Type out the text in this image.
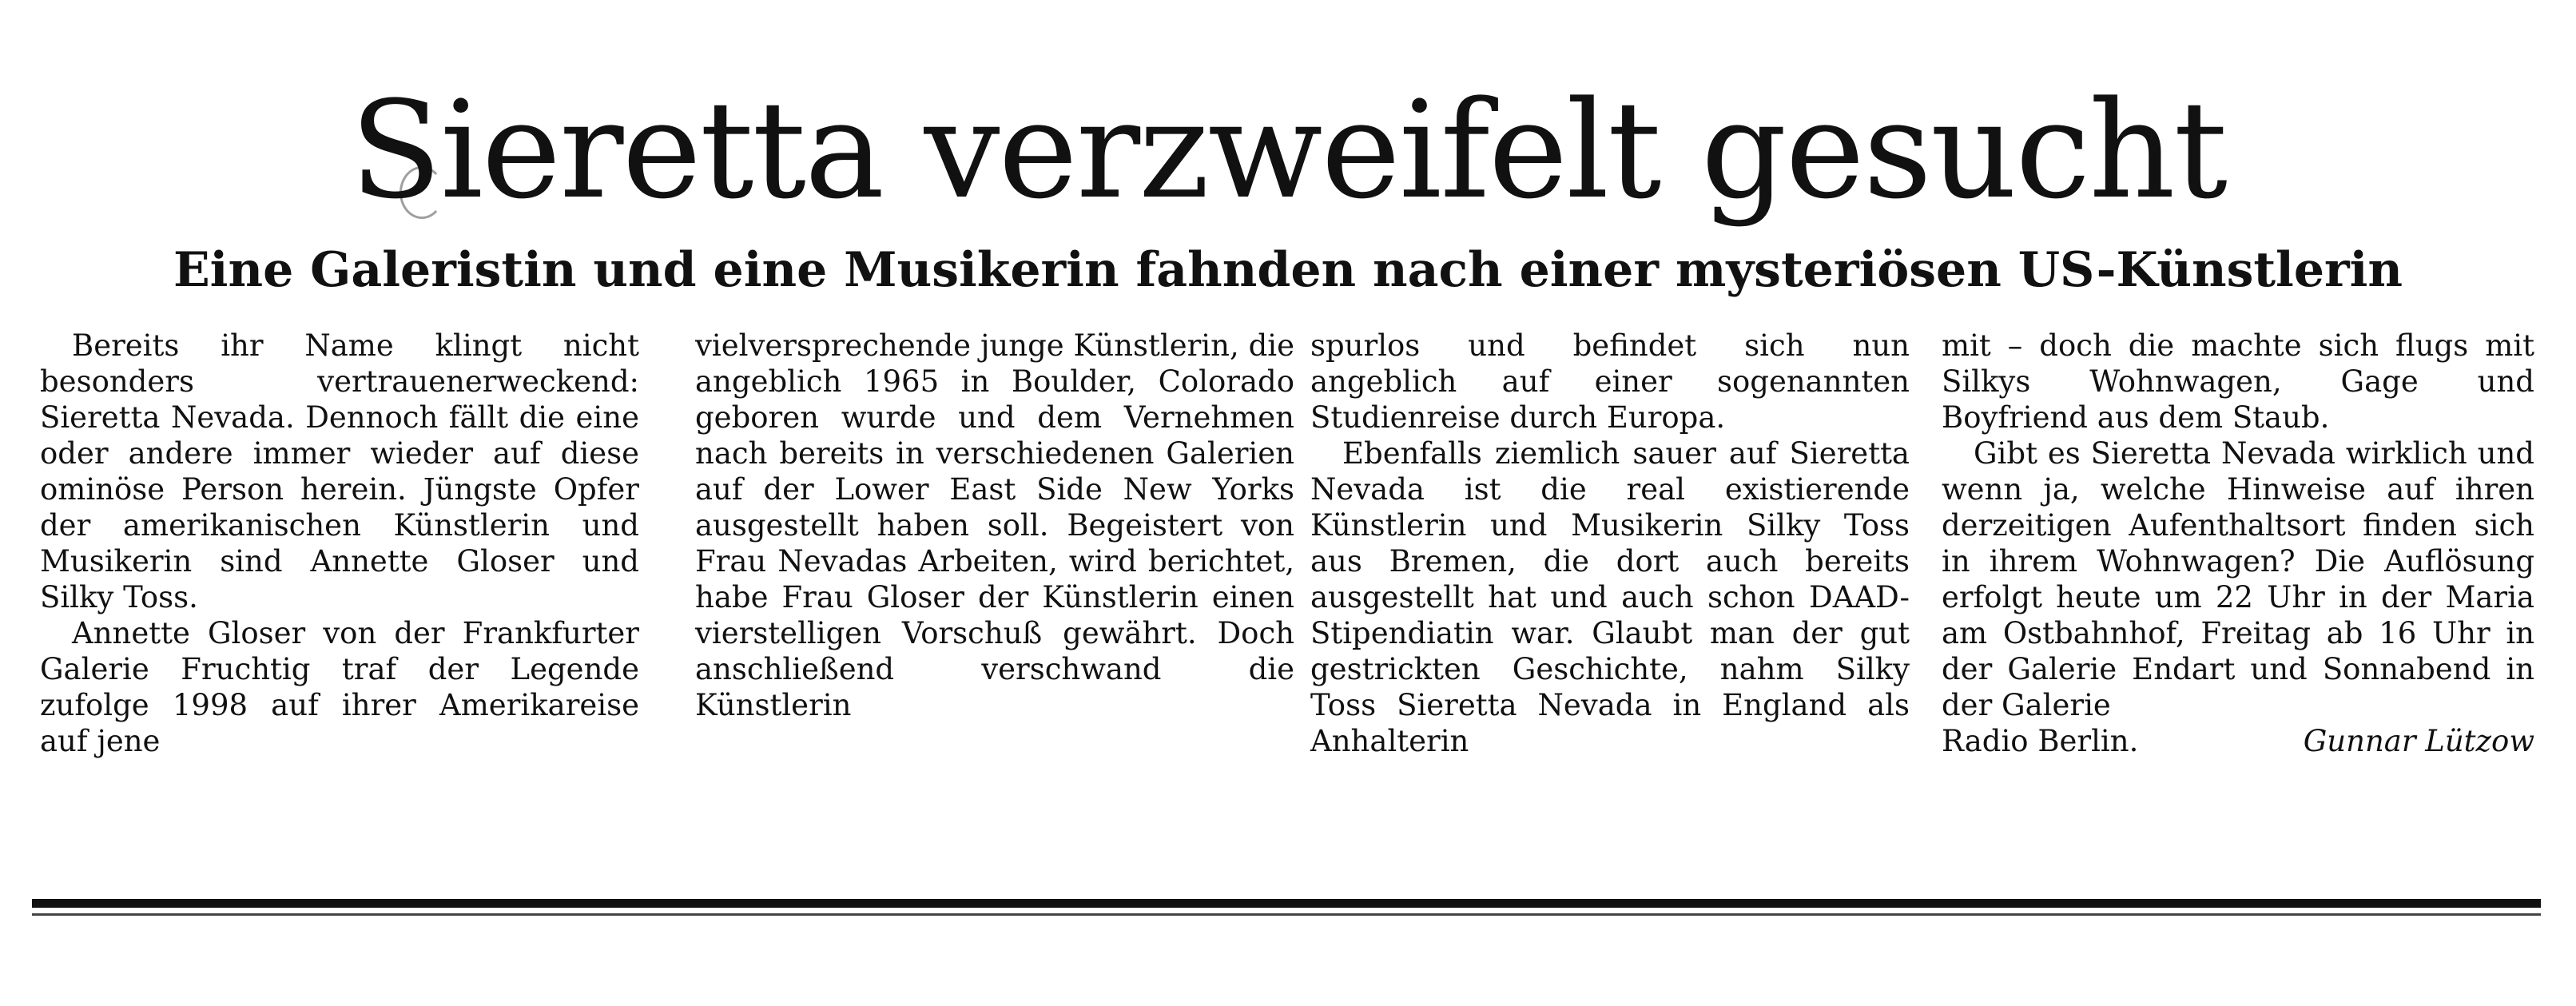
Sieretta verzweifelt gesucht
Eine Galeristin und eine Musikerin fahnden nach einer mysteriösen US-Künstlerin

Bereits ihr Name klingt nicht besonders vertrauenerweckend: Sieretta Nevada. Dennoch fällt die eine oder andere immer wieder auf diese ominöse Person herein. Jüngste Opfer der amerikanischen Künstlerin und Musikerin sind Annette Gloser und Silky Toss.

Annette Gloser von der Frankfurter Galerie Fruchtig traf der Legende zufolge 1998 auf ihrer Amerikareise auf jene

vielversprechende junge Künstlerin, die angeblich 1965 in Boulder, Colorado geboren wurde und dem Vernehmen nach bereits in verschiedenen Galerien auf der Lower East Side New Yorks ausgestellt haben soll. Begeistert von Frau Nevadas Arbeiten, wird berichtet, habe Frau Gloser der Künstlerin einen vierstelligen Vorschuß gewährt. Doch anschließend verschwand die Künstlerin

spurlos und befindet sich nun angeblich auf einer sogenannten Studienreise durch Europa.

Ebenfalls ziemlich sauer auf Sieretta Nevada ist die real existierende Künstlerin und Musikerin Silky Toss aus Bremen, die dort auch bereits ausgestellt hat und auch schon DAAD-Stipendiatin war. Glaubt man der gut gestrickten Geschichte, nahm Silky Toss Sieretta Nevada in England als Anhalterin

mit – doch die machte sich flugs mit Silkys Wohnwagen, Gage und Boyfriend aus dem Staub.

Gibt es Sieretta Nevada wirklich und wenn ja, welche Hinweise auf ihren derzeitigen Aufenthaltsort finden sich in ihrem Wohnwagen? Die Auflösung erfolgt heute um 22 Uhr in der Maria am Ostbahnhof, Freitag ab 16 Uhr in der Galerie Endart und Sonnabend in der Galerie

Radio Berlin.	Gunnar Lützow
